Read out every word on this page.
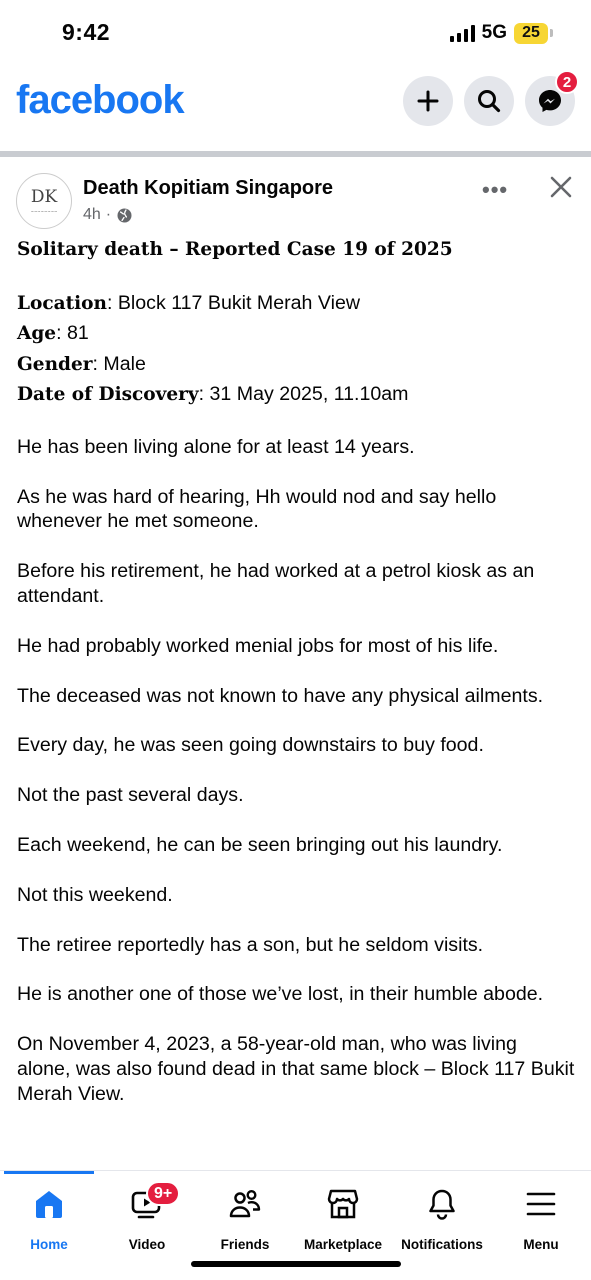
9:42	5G 25
facebook	2
DK
~~~~~~~~
Death Kopitiam Singapore
4h ·
•••

Solitary death – Reported Case 19 of 2025

Location: Block 117 Bukit Merah View
Age: 81
Gender: Male
Date of Discovery: 31 May 2025, 11.10am

He has been living alone for at least 14 years.

As he was hard of hearing, Hh would nod and say hello whenever he met someone.

Before his retirement, he had worked at a petrol kiosk as an attendant.

He had probably worked menial jobs for most of his life.

The deceased was not known to have any physical ailments.

Every day, he was seen going downstairs to buy food.

Not the past several days.

Each weekend, he can be seen bringing out his laundry.

Not this weekend.

The retiree reportedly has a son, but he seldom visits.

He is another one of those we’ve lost, in their humble abode.

On November 4, 2023, a 58-year-old man, who was living alone, was also found dead in that same block – Block 117 Bukit Merah View.

Home
9+
Video	Friends	Marketplace Notifications	Menu
